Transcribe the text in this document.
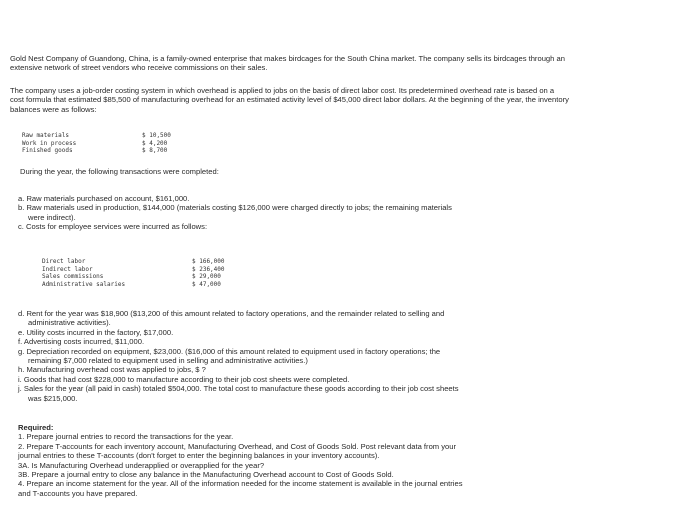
Gold Nest Company of Guandong, China, is a family-owned enterprise that makes birdcages for the South China market. The company sells its birdcages through an extensive network of street vendors who receive commissions on their sales.

The company uses a job-order costing system in which overhead is applied to jobs on the basis of direct labor cost. Its predetermined overhead rate is based on a cost formula that estimated $85,500 of manufacturing overhead for an estimated activity level of $45,000 direct labor dollars. At the beginning of the year, the inventory balances were as follows:

Raw materials	$ 10,500
Work in process	$ 4,200
Finished goods	$ 8,700

During the year, the following transactions were completed:

a. Raw materials purchased on account, $161,000.
b. Raw materials used in production, $144,000 (materials costing $126,000 were charged directly to jobs; the remaining materials
were indirect).
c. Costs for employee services were incurred as follows:
Direct labor	$ 166,000
Indirect labor	$ 236,400
Sales commissions	$ 29,000
Administrative salaries	$ 47,000
d. Rent for the year was $18,900 ($13,200 of this amount related to factory operations, and the remainder related to selling and
administrative activities).
e. Utility costs incurred in the factory, $17,000.
f. Advertising costs incurred, $11,000.
g. Depreciation recorded on equipment, $23,000. ($16,000 of this amount related to equipment used in factory operations; the
remaining $7,000 related to equipment used in selling and administrative activities.)
h. Manufacturing overhead cost was applied to jobs, $ ?
i. Goods that had cost $228,000 to manufacture according to their job cost sheets were completed.
j. Sales for the year (all paid in cash) totaled $504,000. The total cost to manufacture these goods according to their job cost sheets
was $215,000.
Required:
1. Prepare journal entries to record the transactions for the year.
2. Prepare T-accounts for each inventory account, Manufacturing Overhead, and Cost of Goods Sold. Post relevant data from your
journal entries to these T-accounts (don't forget to enter the beginning balances in your inventory accounts).
3A. Is Manufacturing Overhead underapplied or overapplied for the year?
3B. Prepare a journal entry to close any balance in the Manufacturing Overhead account to Cost of Goods Sold.
4. Prepare an income statement for the year. All of the information needed for the income statement is available in the journal entries
and T-accounts you have prepared.
